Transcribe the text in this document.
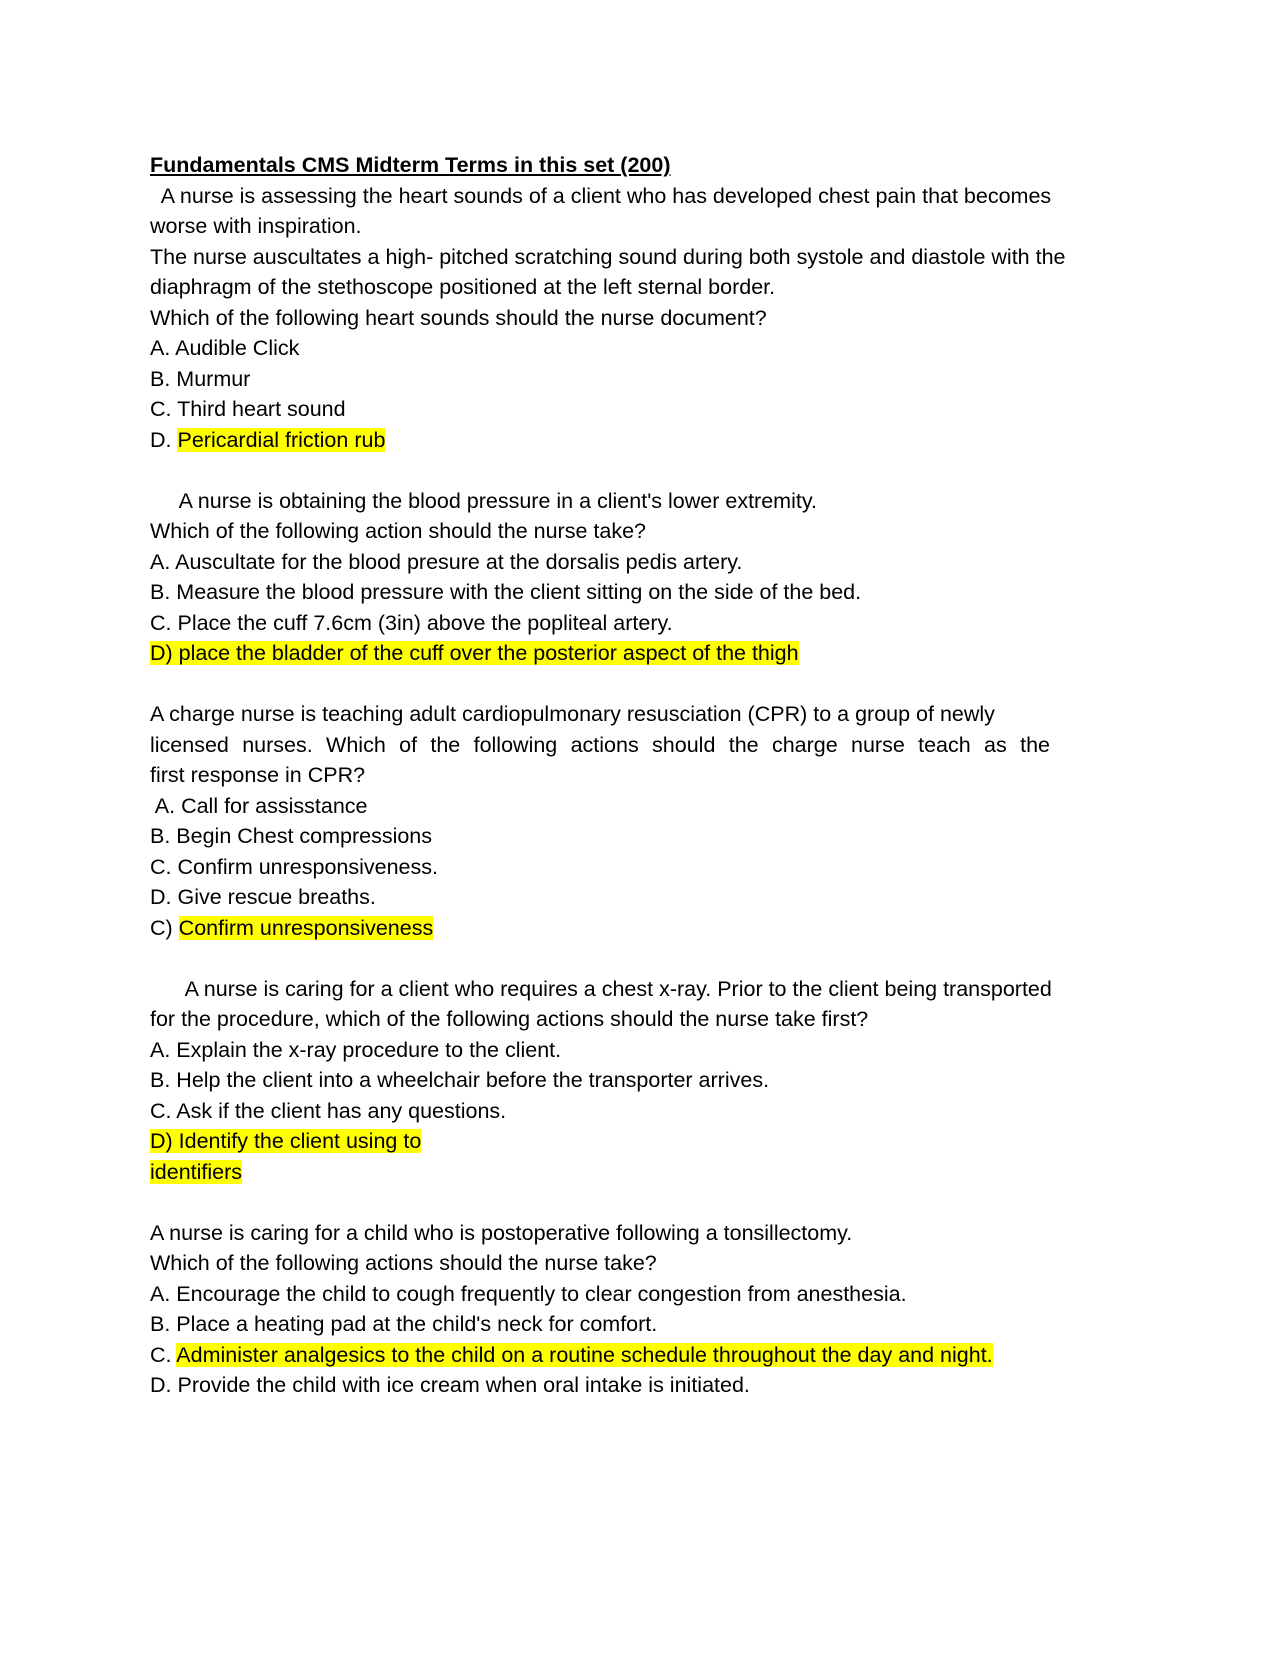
Fundamentals CMS Midterm Terms in this set (200)
A nurse is assessing the heart sounds of a client who has developed chest pain that becomes
worse with inspiration.
The nurse auscultates a high- pitched scratching sound during both systole and diastole with the
diaphragm of the stethoscope positioned at the left sternal border.
Which of the following heart sounds should the nurse document?
A. Audible Click
B. Murmur
C. Third heart sound
D. Pericardial friction rub
A nurse is obtaining the blood pressure in a client's lower extremity.
Which of the following action should the nurse take?
A. Auscultate for the blood presure at the dorsalis pedis artery.
B. Measure the blood pressure with the client sitting on the side of the bed.
C. Place the cuff 7.6cm (3in) above the popliteal artery.
D) place the bladder of the cuff over the posterior aspect of the thigh
A charge nurse is teaching adult cardiopulmonary resusciation (CPR) to a group of newly
licensed nurses. Which of the following actions should the charge nurse teach as the
first response in CPR?
A. Call for assisstance
B. Begin Chest compressions
C. Confirm unresponsiveness.
D. Give rescue breaths.
C) Confirm unresponsiveness
A nurse is caring for a client who requires a chest x-ray. Prior to the client being transported
for the procedure, which of the following actions should the nurse take first?
A. Explain the x-ray procedure to the client.
B. Help the client into a wheelchair before the transporter arrives.
C. Ask if the client has any questions.
D) Identify the client using to
identifiers
A nurse is caring for a child who is postoperative following a tonsillectomy.
Which of the following actions should the nurse take?
A. Encourage the child to cough frequently to clear congestion from anesthesia.
B. Place a heating pad at the child's neck for comfort.
C. Administer analgesics to the child on a routine schedule throughout the day and night.
D. Provide the child with ice cream when oral intake is initiated.
